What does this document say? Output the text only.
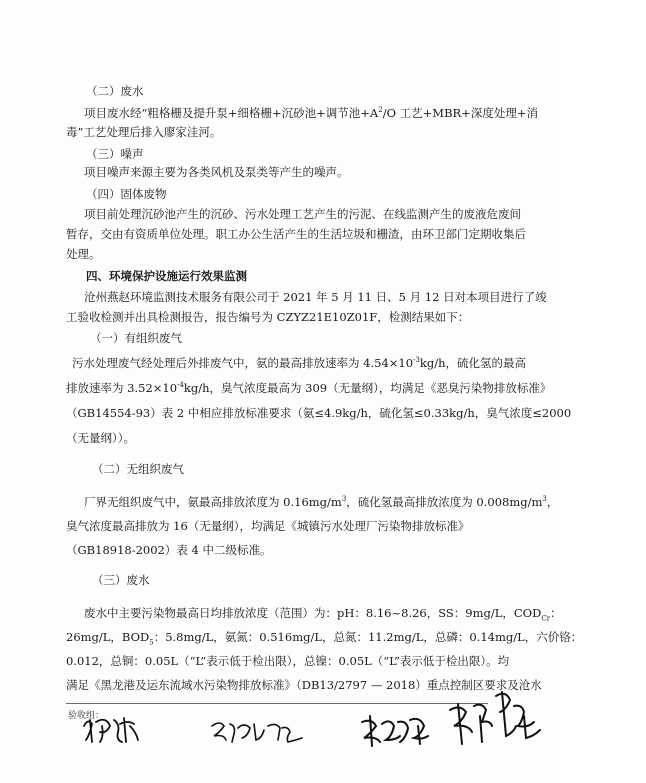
（二）废水
项目废水经“粗格栅及提升泵+细格栅+沉砂池+调节池$+A^2/O$ 工艺+MBR+深度处理+消
毒”工艺处理后排入廖家洼河。
（三）噪声
项目噪声来源主要为各类风机及泵类等产生的噪声。
（四）固体废物
项目前处理沉砂池产生的沉砂、污水处理工艺产生的污泥、在线监测产生的废液危废间
暂存，交由有资质单位处理。职工办公生活产生的生活垃圾和栅渣，由环卫部门定期收集后
处理。
四、环境保护设施运行效果监测
沧州燕赵环境监测技术服务有限公司于 2021 年 5 月 11 日、5 月 12 日对本项目进行了竣
工验收检测并出具检测报告，报告编号为 CZYZ21E10Z01F，检测结果如下：
（一）有组织废气
污水处理废气经处理后外排废气中，氨的最高排放速率为 $4.54\times 10^{-3}kg/h$，硫化氢的最高
排放速率为 $3.52\times 10^{-4}kg/h$，臭气浓度最高为 309（无量纲），均满足《恶臭污染物排放标准》
（GB14554-93）表 2 中相应排放标准要求（氨≤4.9kg/h，硫化氢≤0.33kg/h，臭气浓度≤2000
（无量纲））。
（二）无组织废气
厂界无组织废气中，氨最高排放浓度为 $0.16mg/m^3$，硫化氢最高排放浓度为 $0.008mg/m^3$，
臭气浓度最高排放为 16（无量纲），均满足《城镇污水处理厂污染物排放标准》
（GB18918-2002）表 4 中二级标准。
（三）废水
废水中主要污染物最高日均排放浓度（范围）为：pH：8.16~8.26，SS：9mg/L，$COD_{Cr}$：
26mg/L，$BOD_5$：5.8mg/L，氨氮：0.516mg/L，总氮：11.2mg/L，总磷：0.14mg/L，六价铬：
0.012，总铜：0.05L（“L”表示低于检出限），总镍：0.05L（“L”表示低于检出限）。均
满足《黑龙港及运东流域水污染物排放标准》（DB13/2797 — 2018）重点控制区要求及沧水
验收组：
